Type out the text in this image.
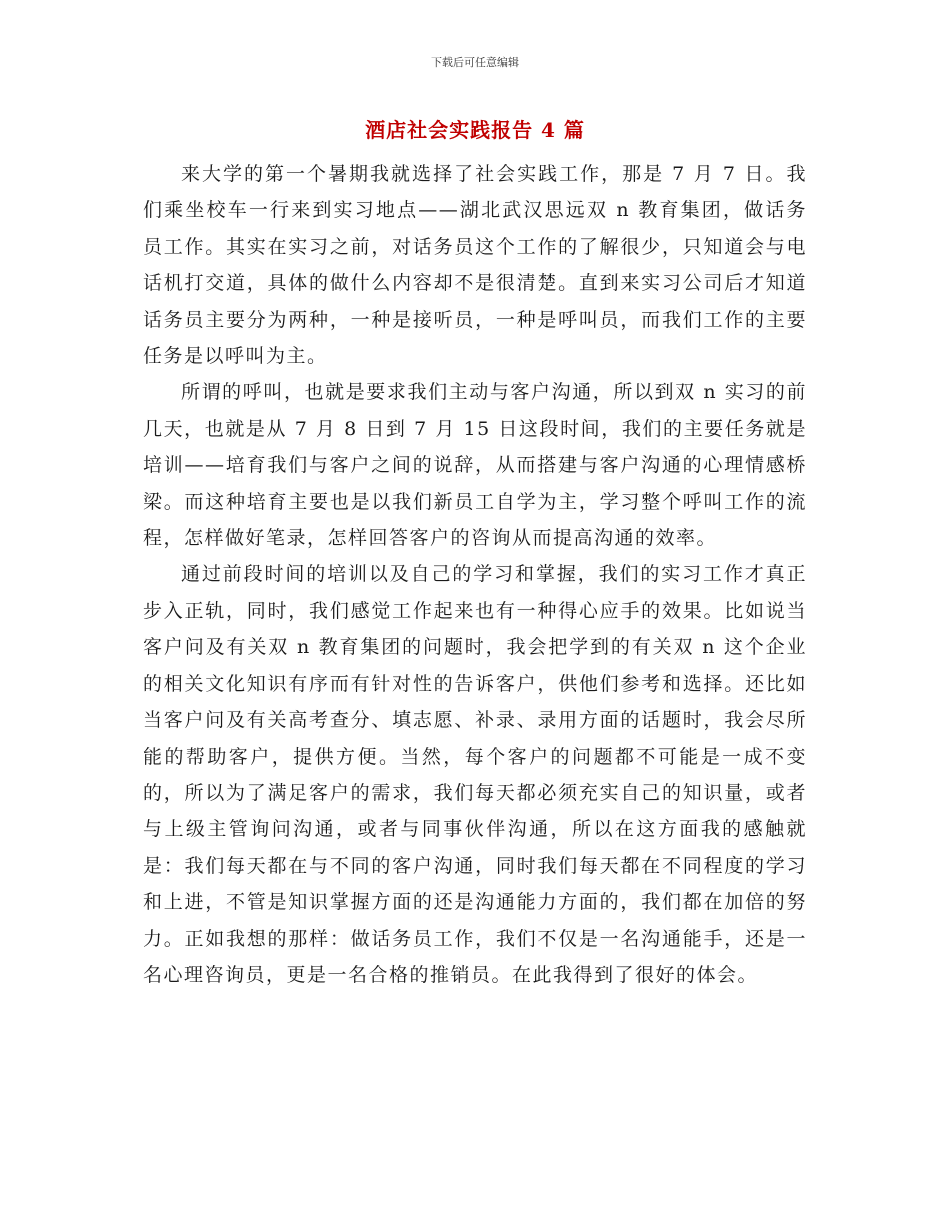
下载后可任意编辑
酒店社会实践报告 4 篇

来大学的第一个暑期我就选择了社会实践工作，那是 7 月 7 日。我们乘坐校车一行来到实习地点——湖北武汉思远双 n 教育集团，做话务员工作。其实在实习之前，对话务员这个工作的了解很少，只知道会与电话机打交道，具体的做什么内容却不是很清楚。直到来实习公司后才知道话务员主要分为两种，一种是接听员，一种是呼叫员，而我们工作的主要任务是以呼叫为主。

所谓的呼叫，也就是要求我们主动与客户沟通，所以到双 n 实习的前几天，也就是从 7 月 8 日到 7 月 15 日这段时间，我们的主要任务就是培训——培育我们与客户之间的说辞，从而搭建与客户沟通的心理情感桥梁。而这种培育主要也是以我们新员工自学为主，学习整个呼叫工作的流程，怎样做好笔录，怎样回答客户的咨询从而提高沟通的效率。

通过前段时间的培训以及自己的学习和掌握，我们的实习工作才真正步入正轨，同时，我们感觉工作起来也有一种得心应手的效果。比如说当客户问及有关双 n 教育集团的问题时，我会把学到的有关双 n 这个企业的相关文化知识有序而有针对性的告诉客户，供他们参考和选择。还比如当客户问及有关高考查分、填志愿、补录、录用方面的话题时，我会尽所能的帮助客户，提供方便。当然，每个客户的问题都不可能是一成不变的，所以为了满足客户的需求，我们每天都必须充实自己的知识量，或者与上级主管询问沟通，或者与同事伙伴沟通，所以在这方面我的感触就是：我们每天都在与不同的客户沟通，同时我们每天都在不同程度的学习和上进，不管是知识掌握方面的还是沟通能力方面的，我们都在加倍的努力。正如我想的那样：做话务员工作，我们不仅是一名沟通能手，还是一名心理咨询员，更是一名合格的推销员。在此我得到了很好的体会。
